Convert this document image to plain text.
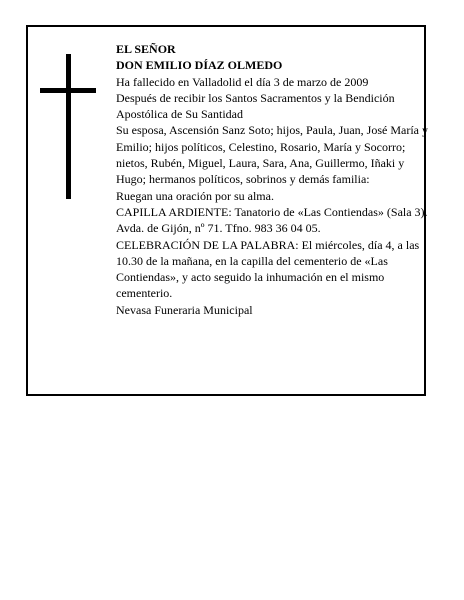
EL SEÑOR

DON EMILIO DÍAZ OLMEDO

Ha fallecido en Valladolid el día 3 de marzo de 2009

Después de recibir los Santos Sacramentos y la Bendición Apostólica de Su Santidad

Su esposa, Ascensión Sanz Soto; hijos, Paula, Juan, José María y Emilio; hijos políticos, Celestino, Rosario, María y Socorro; nietos, Rubén, Miguel, Laura, Sara, Ana, Guillermo, Iñaki y Hugo; hermanos políticos, sobrinos y demás familia:

Ruegan una oración por su alma.

CAPILLA ARDIENTE: Tanatorio de «Las Contiendas» (Sala 3). Avda. de Gijón, nº 71. Tfno. 983 36 04 05.

CELEBRACIÓN DE LA PALABRA: El miércoles, día 4, a las 10.30 de la mañana, en la capilla del cementerio de «Las Contiendas», y acto seguido la inhumación en el mismo cementerio.

Nevasa Funeraria Municipal
